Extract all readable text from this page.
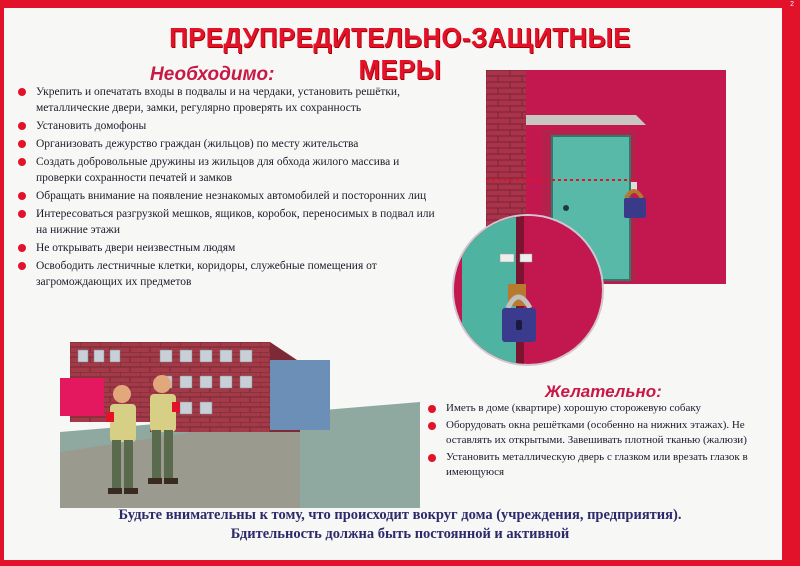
2
ПРЕДУПРЕДИТЕЛЬНО-ЗАЩИТНЫЕ МЕРЫ
Необходимо:
Укрепить и опечатать входы в подвалы и на чердаки, установить решётки, металлические двери, замки, регулярно проверять их сохранность
Установить домофоны
Организовать дежурство граждан (жильцов) по месту жительства
Создать добровольные дружины из жильцов для обхода жилого массива и проверки сохранности печатей и замков
Обращать внимание на появление незнакомых автомобилей и посторонних лиц
Интересоваться разгрузкой мешков, ящиков, коробок, переносимых в подвал или на нижние этажи
Не открывать двери неизвестным людям
Освободить лестничные клетки, коридоры, служебные помещения от загромождающих их предметов
Желательно:
Иметь в доме (квартире) хорошую сторожевую собаку
Оборудовать окна решётками (особенно на нижних этажах). Не оставлять их открытыми. Завешивать плотной тканью (жалюзи)
Установить металлическую дверь с глазком или врезать глазок в имеющуюся
Будьте внимательны к тому, что происходит вокруг дома (учреждения, предприятия).
Бдительность должна быть постоянной и активной
